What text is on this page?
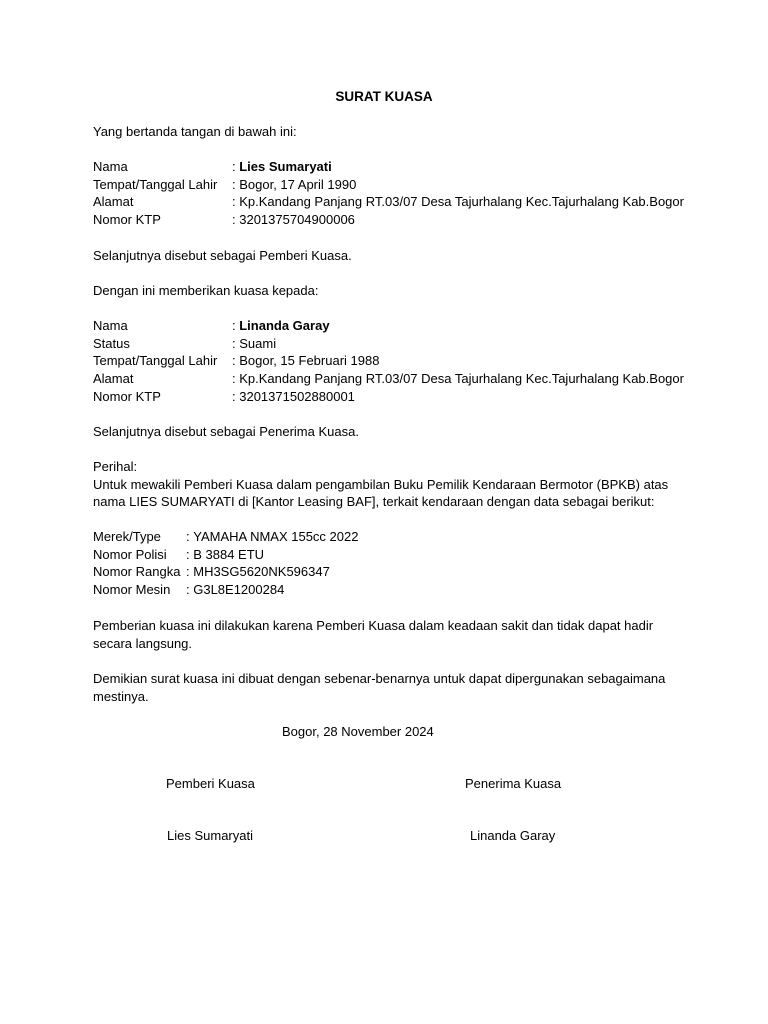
SURAT KUASA

Yang bertanda tangan di bawah ini:

Nama	: Lies Sumaryati
Tempat/Tanggal Lahir	: Bogor, 17 April 1990
Alamat	: Kp.Kandang Panjang RT.03/07 Desa Tajurhalang Kec.Tajurhalang Kab.Bogor
Nomor KTP	: 3201375704900006

Selanjutnya disebut sebagai Pemberi Kuasa.

Dengan ini memberikan kuasa kepada:

Nama	: Linanda Garay
Status	: Suami
Tempat/Tanggal Lahir	: Bogor, 15 Februari 1988
Alamat	: Kp.Kandang Panjang RT.03/07 Desa Tajurhalang Kec.Tajurhalang Kab.Bogor
Nomor KTP	: 3201371502880001

Selanjutnya disebut sebagai Penerima Kuasa.

Perihal:

Untuk mewakili Pemberi Kuasa dalam pengambilan Buku Pemilik Kendaraan Bermotor (BPKB) atas

nama LIES SUMARYATI di [Kantor Leasing BAF], terkait kendaraan dengan data sebagai berikut:

Merek/Type	: YAMAHA NMAX 155cc 2022
Nomor Polisi	: B 3884 ETU
Nomor Rangka : MH3SG5620NK596347
Nomor Mesin	: G3L8E1200284

Pemberian kuasa ini dilakukan karena Pemberi Kuasa dalam keadaan sakit dan tidak dapat hadir

secara langsung.

Demikian surat kuasa ini dibuat dengan sebenar-benarnya untuk dapat dipergunakan sebagaimana

mestinya.

Bogor, 28 November 2024
Pemberi Kuasa	Penerima Kuasa
Lies Sumaryati	Linanda Garay
